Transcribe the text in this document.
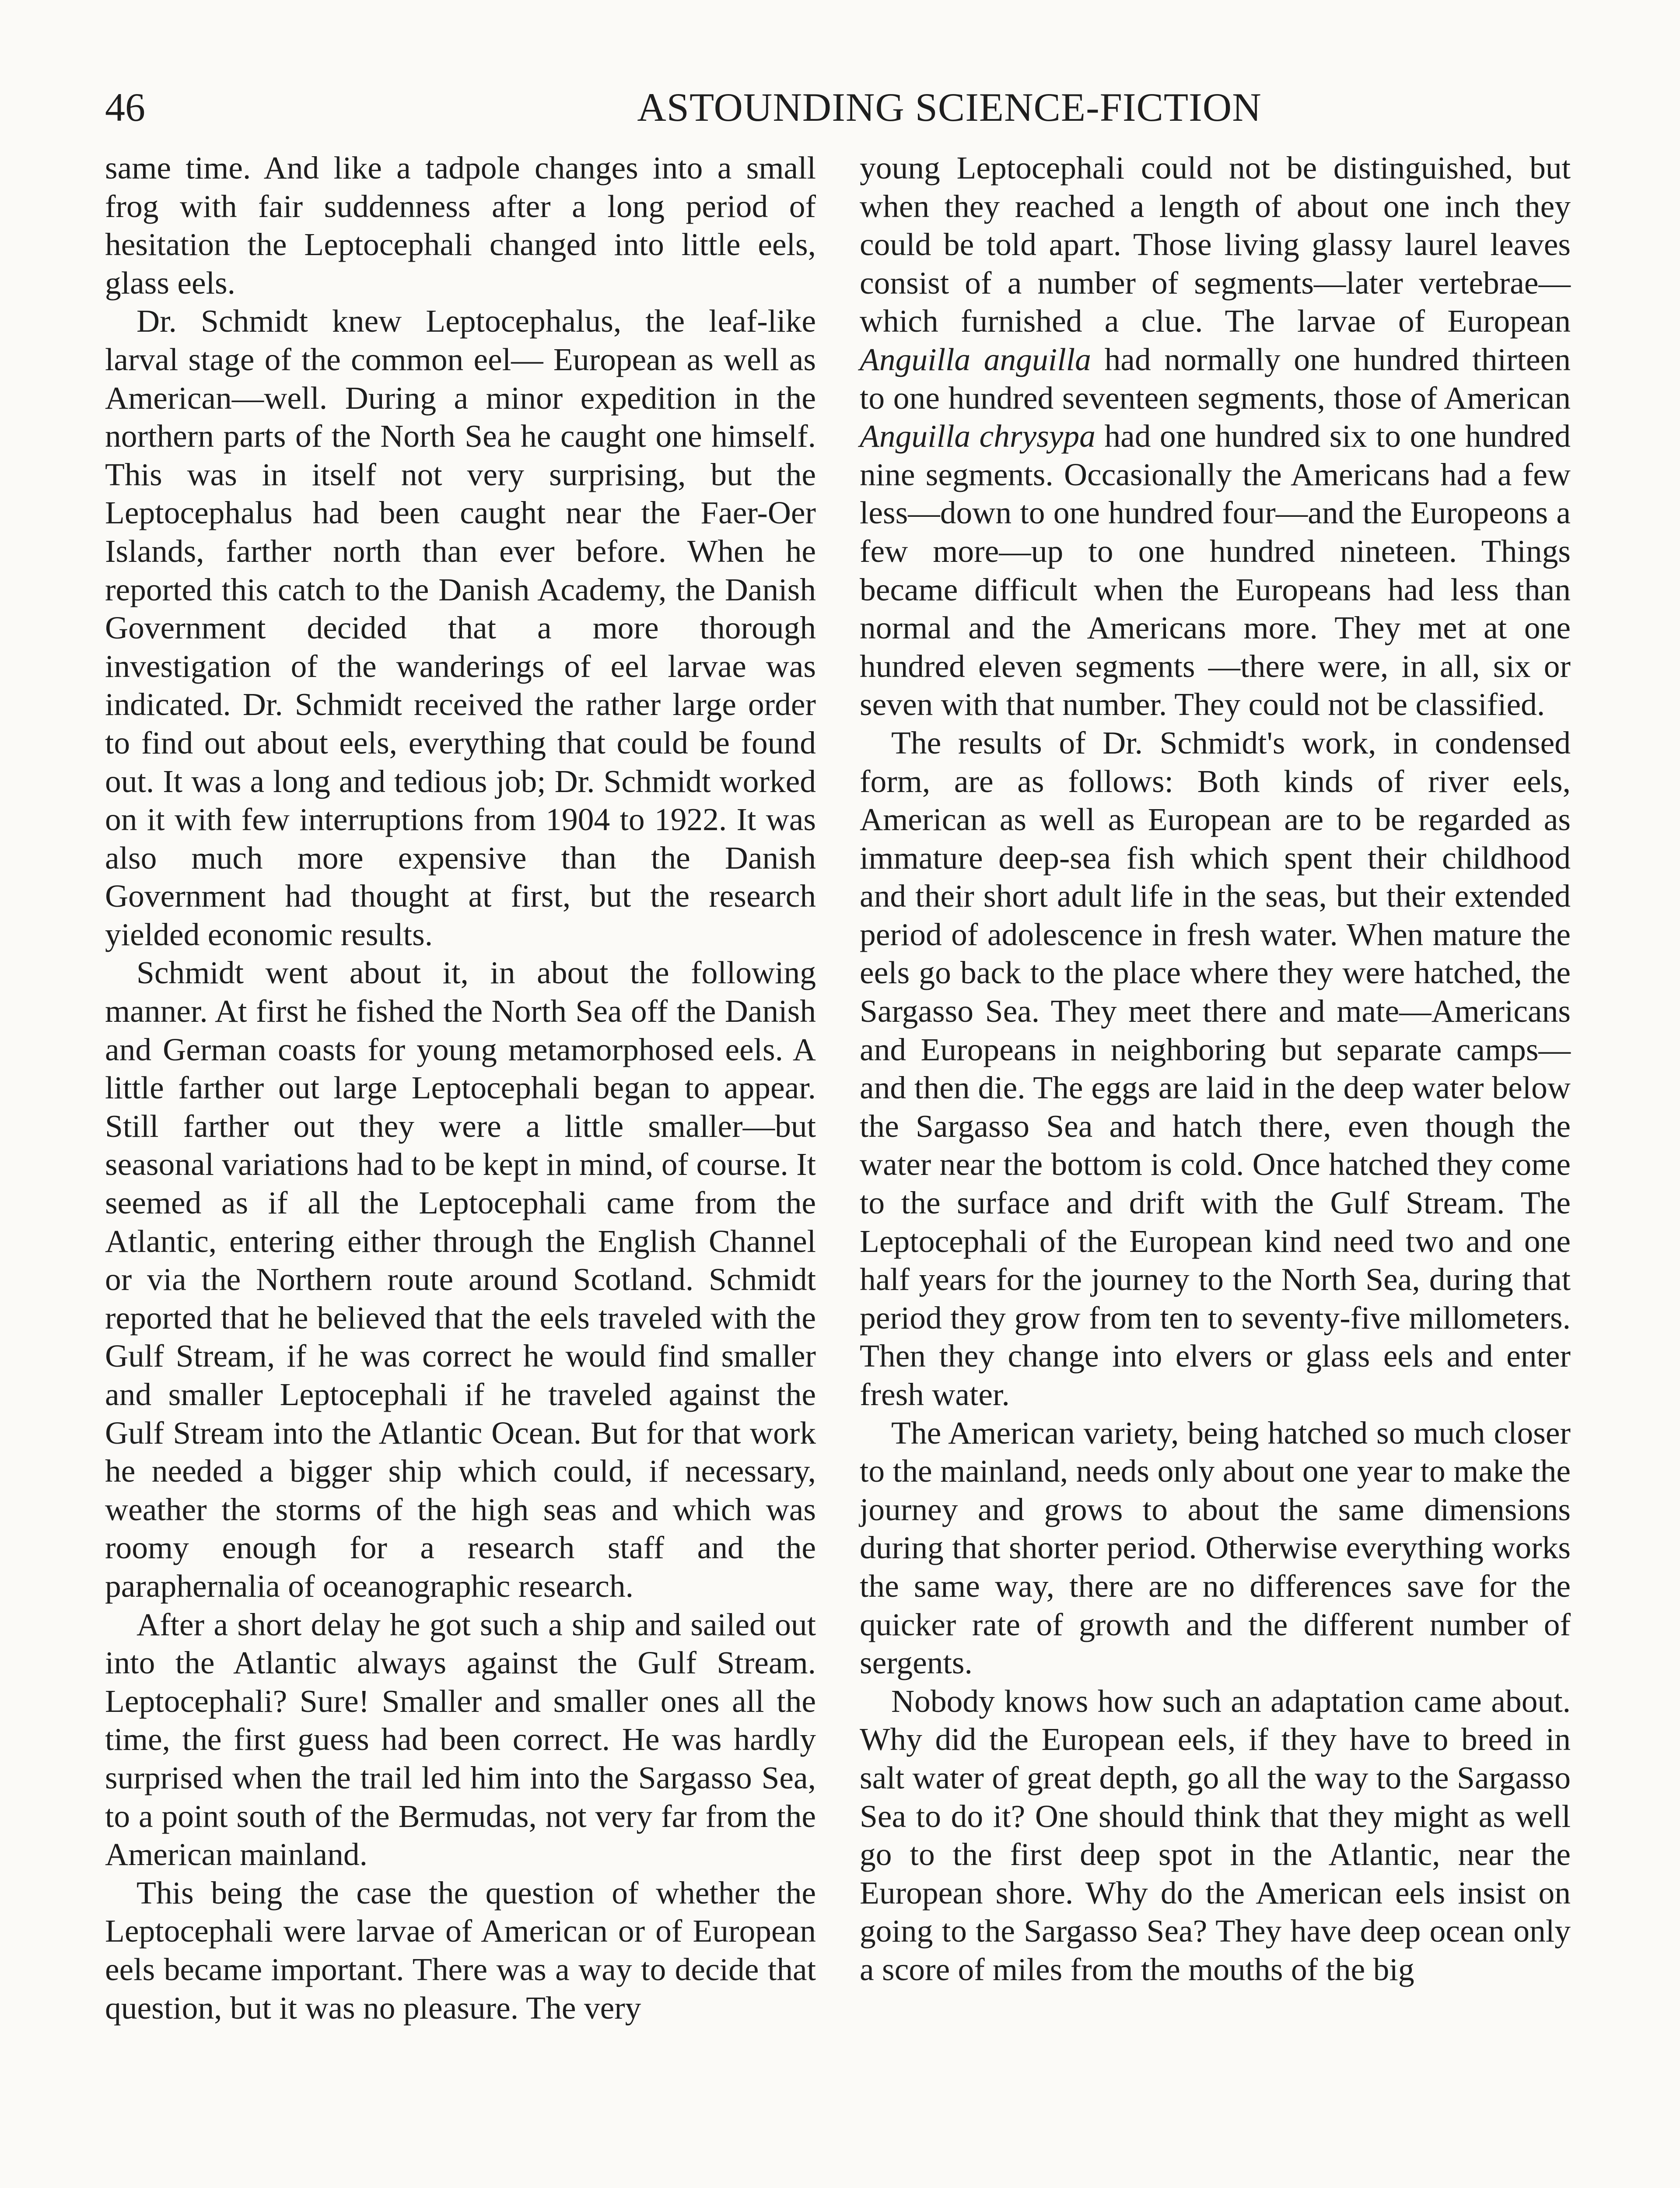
46	ASTOUNDING SCIENCE-FICTION

same time. And like a tadpole changes into a small frog with fair suddenness after a long period of hesitation the Leptocephali changed into little eels, glass eels.

Dr. Schmidt knew Leptocephalus, the leaf-like larval stage of the common eel— European as well as American—well. During a minor expedition in the northern parts of the North Sea he caught one himself. This was in itself not very surprising, but the Leptocephalus had been caught near the Faer-Oer Islands, farther north than ever before. When he reported this catch to the Danish Academy, the Danish Government decided that a more thorough investigation of the wanderings of eel larvae was indicated. Dr. Schmidt received the rather large order to find out about eels, everything that could be found out. It was a long and tedious job; Dr. Schmidt worked on it with few interruptions from 1904 to 1922. It was also much more expensive than the Danish Government had thought at first, but the research yielded economic results.

Schmidt went about it, in about the following manner. At first he fished the North Sea off the Danish and German coasts for young metamorphosed eels. A little farther out large Leptocephali began to appear. Still farther out they were a little smaller—but seasonal variations had to be kept in mind, of course. It seemed as if all the Leptocephali came from the Atlantic, entering either through the English Channel or via the Northern route around Scotland. Schmidt reported that he believed that the eels traveled with the Gulf Stream, if he was correct he would find smaller and smaller Leptocephali if he traveled against the Gulf Stream into the Atlantic Ocean. But for that work he needed a bigger ship which could, if necessary, weather the storms of the high seas and which was roomy enough for a research staff and the paraphernalia of oceanographic research.

After a short delay he got such a ship and sailed out into the Atlantic always against the Gulf Stream. Leptocephali? Sure! Smaller and smaller ones all the time, the first guess had been correct. He was hardly surprised when the trail led him into the Sargasso Sea, to a point south of the Bermudas, not very far from the American mainland.

This being the case the question of whether the Leptocephali were larvae of American or of European eels became important. There was a way to decide that question, but it was no pleasure. The very

young Leptocephali could not be distinguished, but when they reached a length of about one inch they could be told apart. Those living glassy laurel leaves consist of a number of segments—later vertebrae— which furnished a clue. The larvae of European Anguilla anguilla had normally one hundred thirteen to one hundred seventeen segments, those of American Anguilla chrysypa had one hundred six to one hundred nine segments. Occasionally the Americans had a few less—down to one hundred four—and the Europeons a few more—up to one hundred nineteen. Things became difficult when the Europeans had less than normal and the Americans more. They met at one hundred eleven segments —there were, in all, six or seven with that number. They could not be classified.

The results of Dr. Schmidt's work, in condensed form, are as follows: Both kinds of river eels, American as well as European are to be regarded as immature deep-sea fish which spent their childhood and their short adult life in the seas, but their extended period of adolescence in fresh water. When mature the eels go back to the place where they were hatched, the Sargasso Sea. They meet there and mate—Americans and Europeans in neighboring but separate camps—and then die. The eggs are laid in the deep water below the Sargasso Sea and hatch there, even though the water near the bottom is cold. Once hatched they come to the surface and drift with the Gulf Stream. The Leptocephali of the European kind need two and one half years for the journey to the North Sea, during that period they grow from ten to seventy-five millometers. Then they change into elvers or glass eels and enter fresh water.

The American variety, being hatched so much closer to the mainland, needs only about one year to make the journey and grows to about the same dimensions during that shorter period. Otherwise everything works the same way, there are no differences save for the quicker rate of growth and the different number of sergents.

Nobody knows how such an adaptation came about. Why did the European eels, if they have to breed in salt water of great depth, go all the way to the Sargasso Sea to do it? One should think that they might as well go to the first deep spot in the Atlantic, near the European shore. Why do the American eels insist on going to the Sargasso Sea? They have deep ocean only a score of miles from the mouths of the big
